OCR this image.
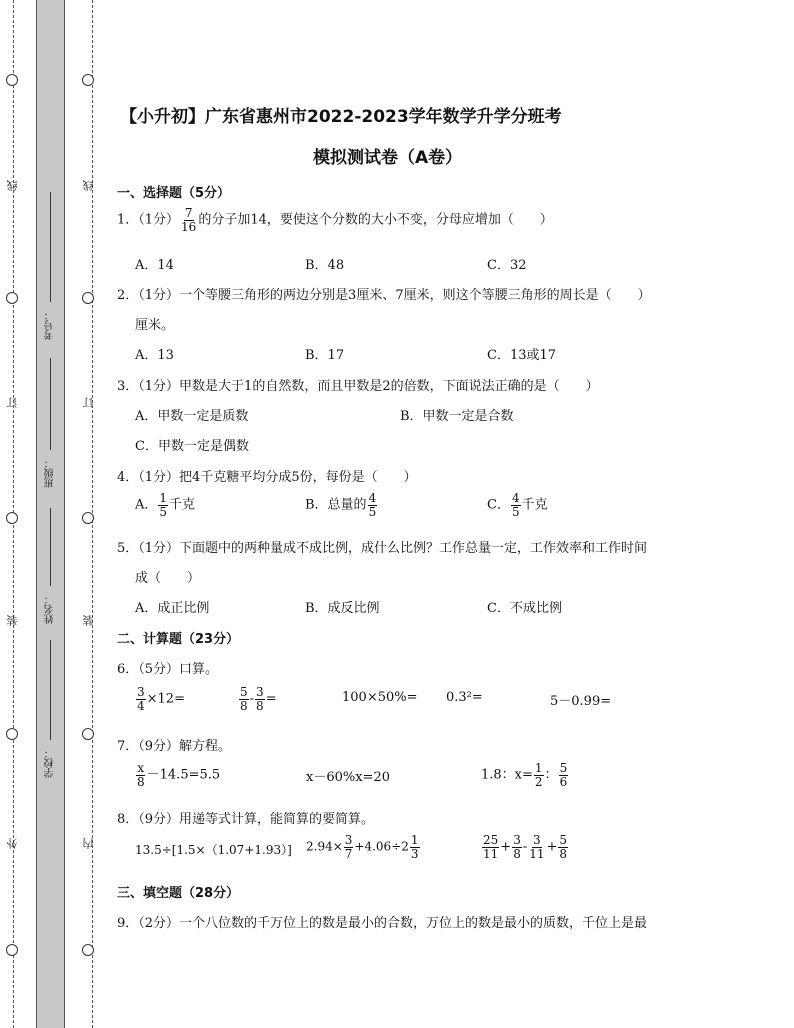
线
订
装
外
线
订
装
内
考号：
班级：
姓名：
学校：
【小升初】广东省惠州市2022-2023学年数学升学分班考
模拟测试卷（A卷）
一、选择题（5分）
1．（1分） $\frac{7}{16}$ 的分子加14，要使这个分数的大小不变，分母应增加（　　）
A．14	B．48	C．32
2．（1分）一个等腰三角形的两边分别是3厘米、7厘米，则这个等腰三角形的周长是（　　）
厘米。
A．13	B．17	C．13或17
3．（1分）甲数是大于1的自然数，而且甲数是2的倍数，下面说法正确的是（　　）
A．甲数一定是质数	B．甲数一定是合数
C．甲数一定是偶数
4．（1分）把4千克糖平均分成5份，每份是（　　）
A． $\frac{1}{5}$ 千克	B．总量的 $\frac{4}{5}$	C． $\frac{4}{5}$ 千克
5．（1分）下面题中的两种量成不成比例，成什么比例？工作总量一定，工作效率和工作时间
成（　　）
A．成正比例	B．成反比例	C．不成比例
二、计算题（23分）
6．（5分）口算。
$\frac{3}{4} \times 12=$	$\frac{5}{8} - \frac{3}{8}$ =	100×50%= 0.3²=	5－0.99=
7．（9分）解方程。
$\frac{x}{8} -14.5=5.5$	x－60%x=20	1.8：$x= \frac{1}{2}$ ： $\frac{5}{6}$
8．（9分）用递等式计算，能简算的要简算。
13.5÷[1.5×（1.07+1.93）] $2.94\times \frac{3}{7} +4.06\div 2 \frac{1}{3}$	$\frac{25}{11} + \frac{3}{8} - \frac{3}{11} + \frac{5}{8}$
三、填空题（28分）
9．（2分）一个八位数的千万位上的数是最小的合数，万位上的数是最小的质数，千位上是最
